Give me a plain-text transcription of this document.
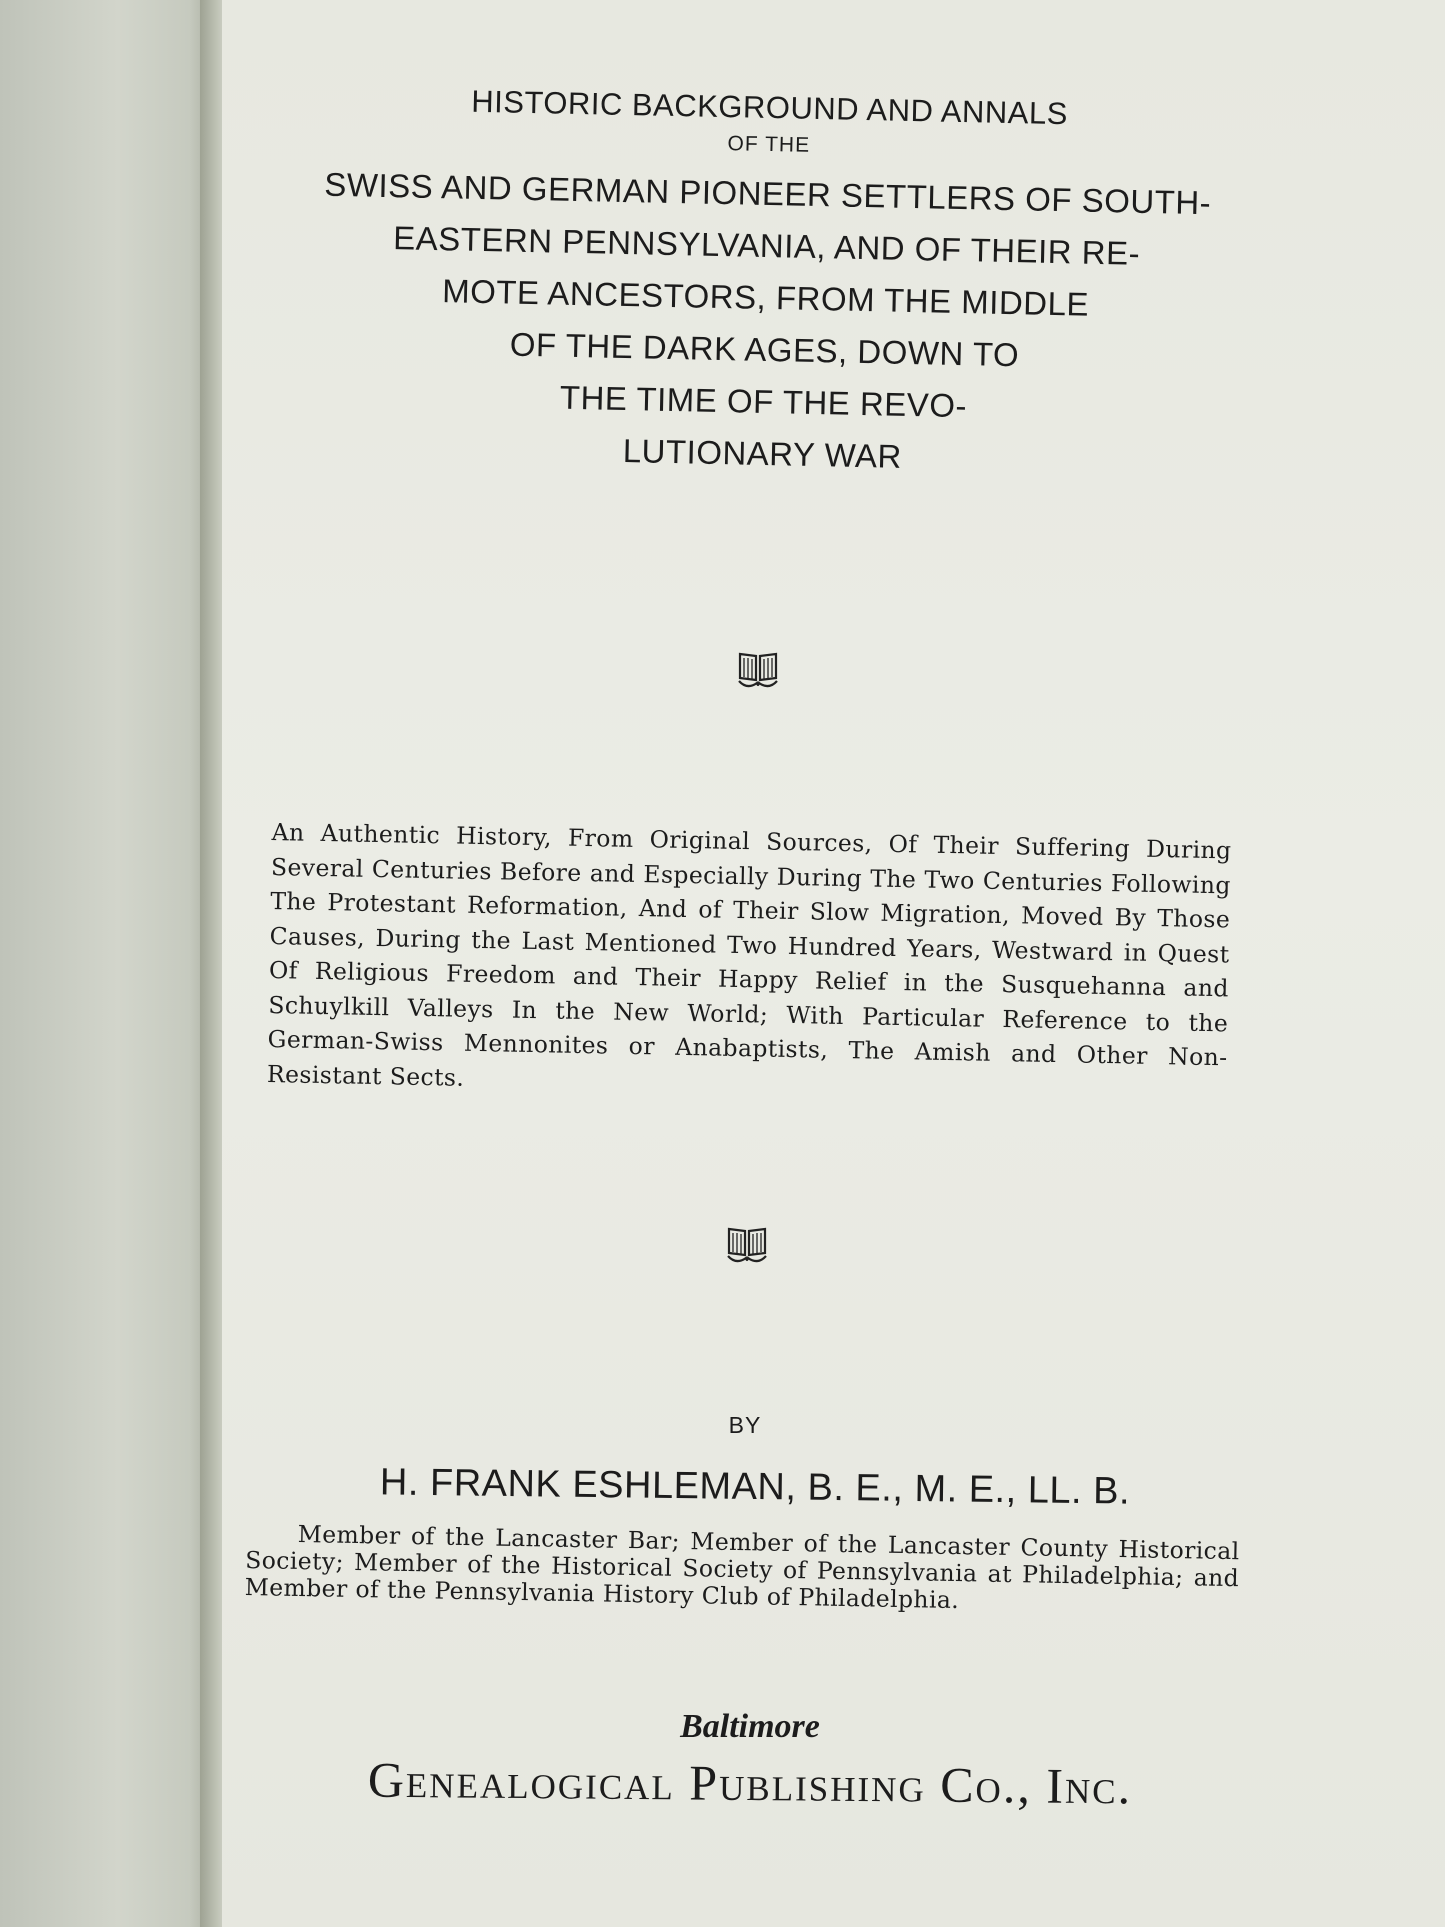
HISTORIC BACKGROUND AND ANNALS
OF THE
SWISS AND GERMAN PIONEER SETTLERS OF SOUTH-
EASTERN PENNSYLVANIA, AND OF THEIR RE-
MOTE ANCESTORS, FROM THE MIDDLE
OF THE DARK AGES, DOWN TO
THE TIME OF THE REVO-
LUTIONARY WAR
An Authentic History, From Original Sources, Of Their Suffering During Several Centuries Before and Especially During The Two Centuries Following The Protestant Reformation, And of Their Slow Migration, Moved By Those Causes, During the Last Mentioned Two Hundred Years, Westward in Quest Of Religious Freedom and Their Happy Relief in the Susquehanna and Schuylkill Valleys In the New World; With Particular Reference to the German-Swiss Mennonites or Anabaptists, The Amish and Other Non-Resistant Sects.
BY
H. FRANK ESHLEMAN, B. E., M. E., LL. B.
Member of the Lancaster Bar; Member of the Lancaster County Historical Society; Member of the Historical Society of Pennsylvania at Philadelphia; and Member of the Pennsylvania History Club of Philadelphia.
Baltimore
Genealogical Publishing Co., Inc.
